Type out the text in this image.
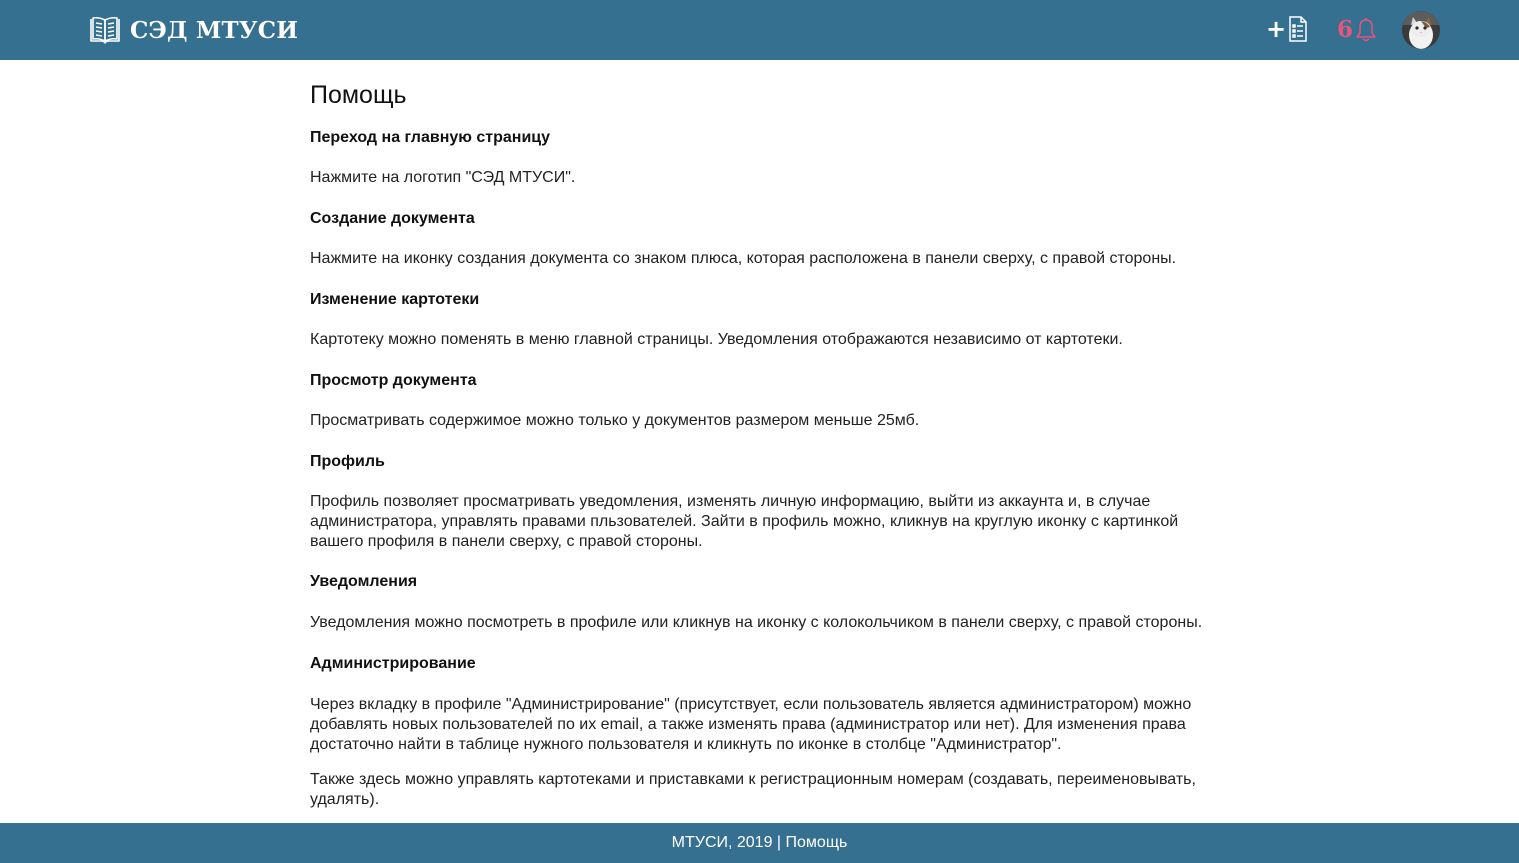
СЭД МТУСИ	+ 6
Помощь
Переход на главную страницу

Нажмите на логотип "СЭД МТУСИ".

Создание документа

Нажмите на иконку создания документа со знаком плюса, которая расположена в панели сверху, с правой стороны.

Изменение картотеки

Картотеку можно поменять в меню главной страницы. Уведомления отображаются независимо от картотеки.

Просмотр документа

Просматривать содержимое можно только у документов размером меньше 25мб.

Профиль

Профиль позволяет просматривать уведомления, изменять личную информацию, выйти из аккаунта и, в случае администратора, управлять правами пльзователей. Зайти в профиль можно, кликнув на круглую иконку с картинкой вашего профиля в панели сверху, с правой стороны.

Уведомления

Уведомления можно посмотреть в профиле или кликнув на иконку с колокольчиком в панели сверху, с правой стороны.

Администрирование

Через вкладку в профиле "Администрирование" (присутствует, если пользователь является администратором) можно добавлять новых пользователей по их email, а также изменять права (администратор или нет). Для изменения права достаточно найти в таблице нужного пользователя и кликнуть по иконке в столбце "Администратор".

Также здесь можно управлять картотеками и приставками к регистрационным номерам (создавать, переименовывать, удалять).

МТУСИ, 2019 | Помощь
